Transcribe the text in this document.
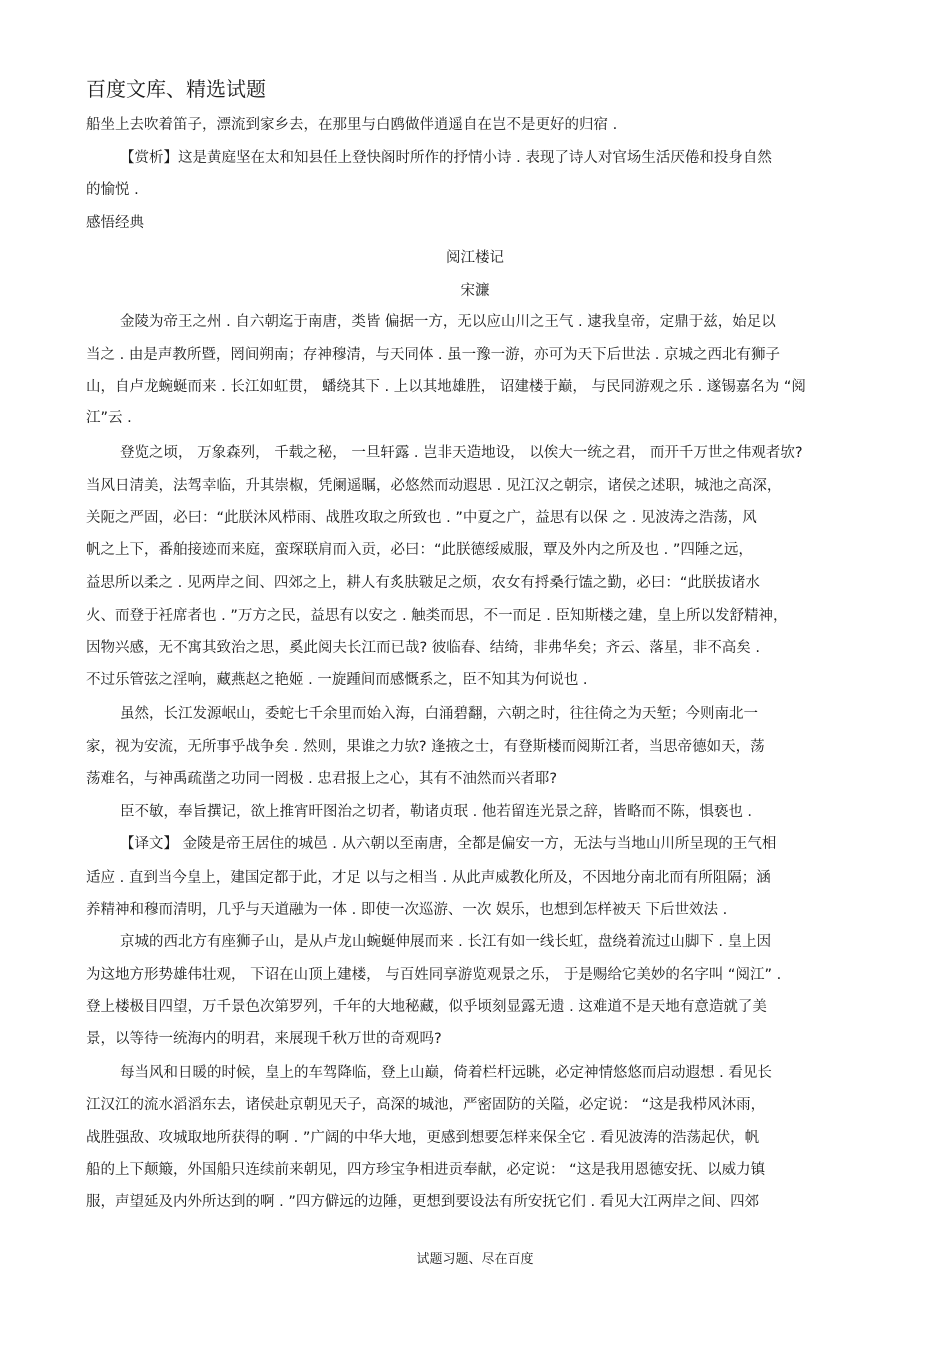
百度文库、精选试题
船坐上去吹着笛子，漂流到家乡去，在那里与白鸥做伴逍遥自在岂不是更好的归宿 .
【赏析】这是黄庭坚在太和知县任上登快阁时所作的抒情小诗 . 表现了诗人对官场生活厌倦和投身自然
的愉悦 .
感悟经典
阅江楼记
宋濂
金陵为帝王之州 . 自六朝迄于南唐，类皆 偏据一方，无以应山川之王气 . 逮我皇帝，定鼎于兹，始足以
当之 . 由是声教所暨，罔间朔南；存神穆清，与天同体 . 虽一豫一游，亦可为天下后世法 . 京城之西北有狮子
山，自卢龙蜿蜒而来 . 长江如虹贯， 蟠绕其下 . 上以其地雄胜， 诏建楼于巅， 与民同游观之乐 . 遂锡嘉名为 “阅
江”云 .
登览之顷， 万象森列， 千载之秘， 一旦轩露 . 岂非天造地设， 以俟大一统之君， 而开千万世之伟观者欤?
当风日清美，法驾幸临，升其崇椒，凭阑遥瞩，必悠然而动遐思 . 见江汉之朝宗，诸侯之述职，城池之高深，
关阨之严固，必曰：“此朕沐风栉雨、战胜攻取之所致也 . ”中夏之广，益思有以保 之 . 见波涛之浩荡，风
帆之上下，番舶接迹而来庭，蛮琛联肩而入贡，必曰：“此朕德绥威服，覃及外内之所及也 . ”四陲之远，
益思所以柔之 . 见两岸之间、四郊之上，耕人有炙肤皲足之烦，农女有捋桑行馌之勤，必曰：“此朕拔诸水
火、而登于衽席者也 . ”万方之民，益思有以安之 . 触类而思，不一而足 . 臣知斯楼之建，皇上所以发舒精神，
因物兴感，无不寓其致治之思，奚此阅夫长江而已哉? 彼临春、结绮，非弗华矣；齐云、落星，非不高矣 .
不过乐管弦之淫响，藏燕赵之艳姬 . 一旋踵间而感慨系之，臣不知其为何说也 .
虽然，长江发源岷山，委蛇七千余里而始入海，白涌碧翻，六朝之时，往往倚之为天堑；今则南北一
家，视为安流，无所事乎战争矣 . 然则，果谁之力欤? 逢掖之士，有登斯楼而阅斯江者，当思帝德如天，荡
荡难名，与神禹疏凿之功同一罔极 . 忠君报上之心，其有不油然而兴者耶?
臣不敏，奉旨撰记，欲上推宵旰图治之切者，勒诸贞珉 . 他若留连光景之辞，皆略而不陈，惧亵也 .
【译文】 金陵是帝王居住的城邑 . 从六朝以至南唐，全都是偏安一方，无法与当地山川所呈现的王气相
适应 . 直到当今皇上，建国定都于此，才足 以与之相当 . 从此声威教化所及，不因地分南北而有所阻隔；涵
养精神和穆而清明，几乎与天道融为一体 . 即使一次巡游、一次 娱乐，也想到怎样被天 下后世效法 .
京城的西北方有座狮子山，是从卢龙山蜿蜒伸展而来 . 长江有如一线长虹，盘绕着流过山脚下 . 皇上因
为这地方形势雄伟壮观， 下诏在山顶上建楼， 与百姓同享游览观景之乐， 于是赐给它美妙的名字叫 “阅江” .
登上楼极目四望，万千景色次第罗列，千年的大地秘藏，似乎顷刻显露无遗 . 这难道不是天地有意造就了美
景，以等待一统海内的明君，来展现千秋万世的奇观吗?
每当风和日暖的时候，皇上的车驾降临，登上山巅，倚着栏杆远眺，必定神情悠悠而启动遐想 . 看见长
江汉江的流水滔滔东去，诸侯赴京朝见天子，高深的城池，严密固防的关隘，必定说： “这是我栉风沐雨，
战胜强敌、攻城取地所获得的啊 . ”广阔的中华大地，更感到想要怎样来保全它 . 看见波涛的浩荡起伏，帆
船的上下颠簸，外国船只连续前来朝见，四方珍宝争相进贡奉献，必定说： “这是我用恩德安抚、以威力镇
服，声望延及内外所达到的啊 . ”四方僻远的边陲，更想到要设法有所安抚它们 . 看见大江两岸之间、四郊
试题习题、尽在百度
